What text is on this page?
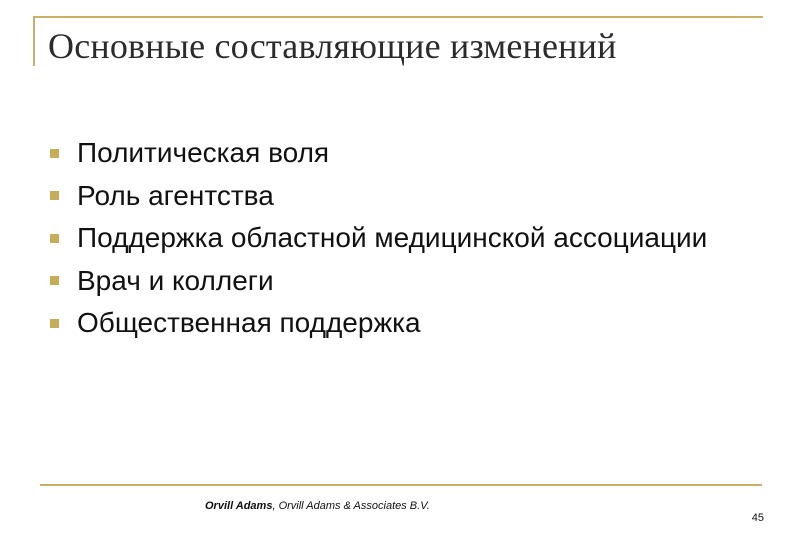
Основные составляющие изменений
Политическая воля
Роль агентства
Поддержка областной медицинской ассоциации
Врач и коллеги
Общественная поддержка
Orvill Adams, Orvill Adams & Associates B.V.
45
